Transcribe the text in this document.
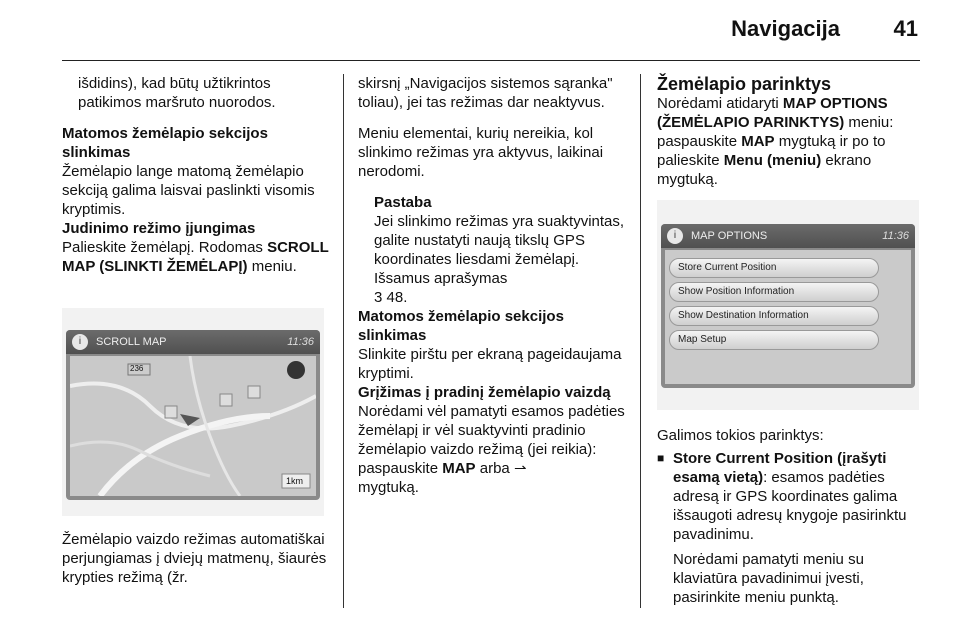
Navigacija 41

išdidins), kad būtų užtikrintos patikimos maršruto nuorodos.

Matomos žemėlapio sekcijos slinkimas
Žemėlapio lange matomą žemėlapio sekciją galima laisvai paslinkti visomis kryptimis.
Judinimo režimo įjungimas
Palieskite žemėlapį. Rodomas SCROLL MAP (SLINKTI ŽEMĖLAPĮ) meniu.
i	SCROLL MAP	11:36
236
1km
Žemėlapio vaizdo režimas automatiškai perjungiamas į dviejų matmenų, šiaurės krypties režimą (žr.

skirsnį „Navigacijos sistemos sąranka" toliau), jei tas režimas dar neaktyvus.

Meniu elementai, kurių nereikia, kol slinkimo režimas yra aktyvus, laikinai nerodomi.

Pastaba
Jei slinkimo režimas yra suaktyvintas, galite nustatyti naują tikslų GPS koordinates liesdami žemėlapį. Išsamus aprašymas
3 48.
Matomos žemėlapio sekcijos slinkimas
Slinkite pirštu per ekraną pageidaujama kryptimi.
Grįžimas į pradinį žemėlapio vaizdą
Norėdami vėl pamatyti esamos padėties žemėlapį ir vėl suaktyvinti pradinio žemėlapio vaizdo režimą (jei reikia): paspauskite MAP arba ⇀
mygtuką.
Žemėlapio parinktys
Norėdami atidaryti MAP OPTIONS (ŽEMĖLAPIO PARINKTYS) meniu: paspauskite MAP mygtuką ir po to palieskite Menu (meniu) ekrano mygtuką.
i	MAP OPTIONS	11:36
Store Current Position
Show Position Information
Show Destination Information
Map Setup

Galimos tokios parinktys:

■ Store Current Position (įrašyti esamą vietą): esamos padėties adresą ir GPS koordinates galima išsaugoti adresų knygoje pasirinktu pavadinimu.

Norėdami pamatyti meniu su klaviatūra pavadinimui įvesti, pasirinkite meniu punktą.
